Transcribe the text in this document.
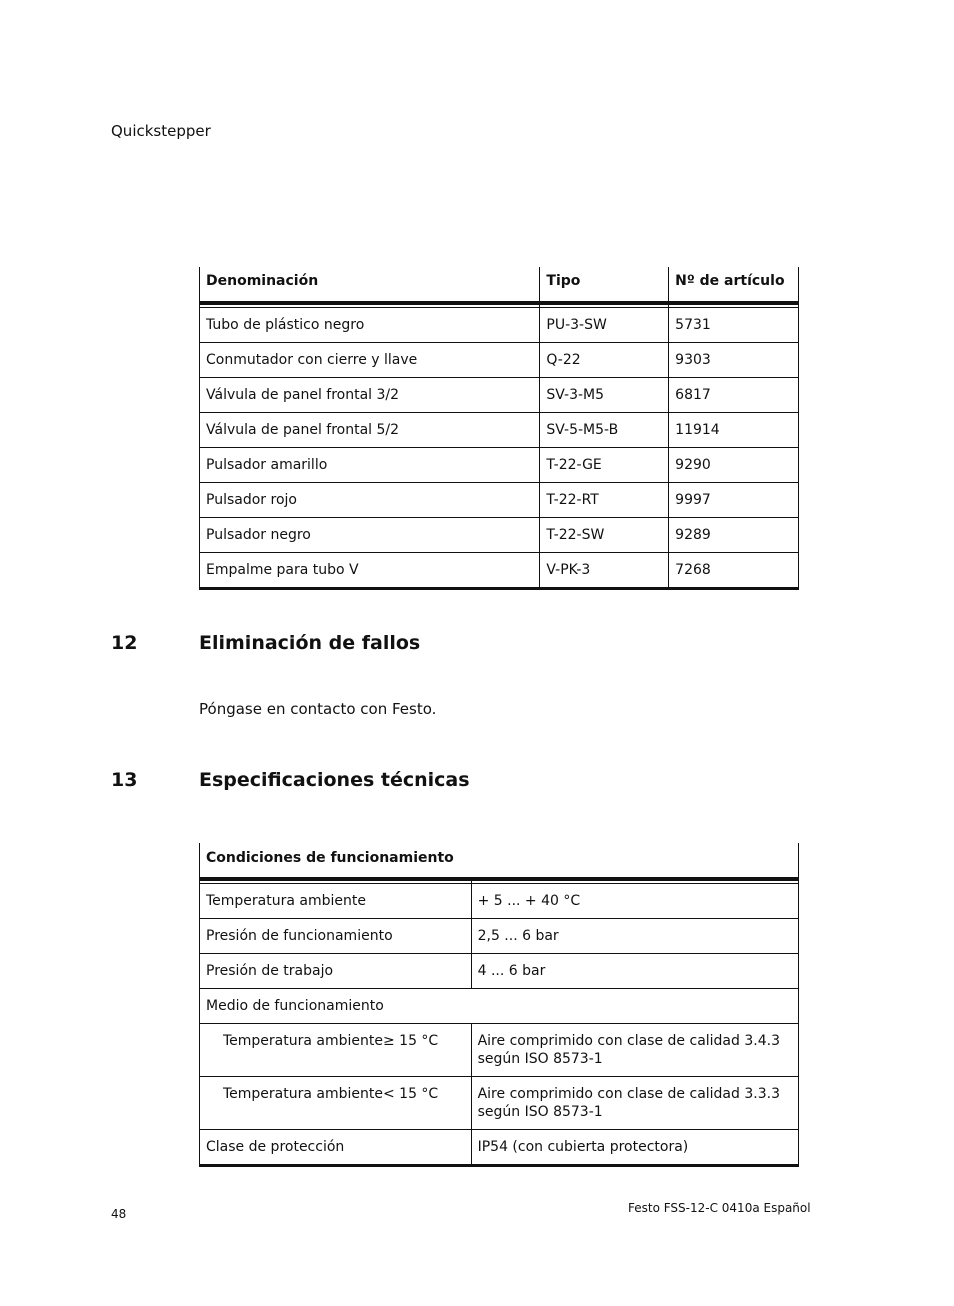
Quickstepper
Denominación	Tipo	Nº de artículo

Tubo de plástico negro	PU-3-SW	5731
Conmutador con cierre y llave	Q-22	9303
Válvula de panel frontal 3/2	SV-3-M5	6817
Válvula de panel frontal 5/2	SV-5-M5-B	11914
Pulsador amarillo	T-22-GE	9290
Pulsador rojo	T-22-RT	9997
Pulsador negro	T-22-SW	9289
Empalme para tubo V	V-PK-3	7268
12	Eliminación de fallos
Póngase en contacto con Festo.
13	Especificaciones técnicas
Condiciones de funcionamiento	

Temperatura ambiente	+ 5 ... + 40 °C
Presión de funcionamiento	2,5 ... 6 bar
Presión de trabajo	4 ... 6 bar
Medio de funcionamiento	
Temperatura ambiente≥ 15 °C	Aire comprimido con clase de calidad 3.4.3 según ISO 8573-1
Temperatura ambiente< 15 °C	Aire comprimido con clase de calidad 3.3.3 según ISO 8573-1
Clase de protección	IP54 (con cubierta protectora)
48	Festo FSS-12-C 0410a Español
